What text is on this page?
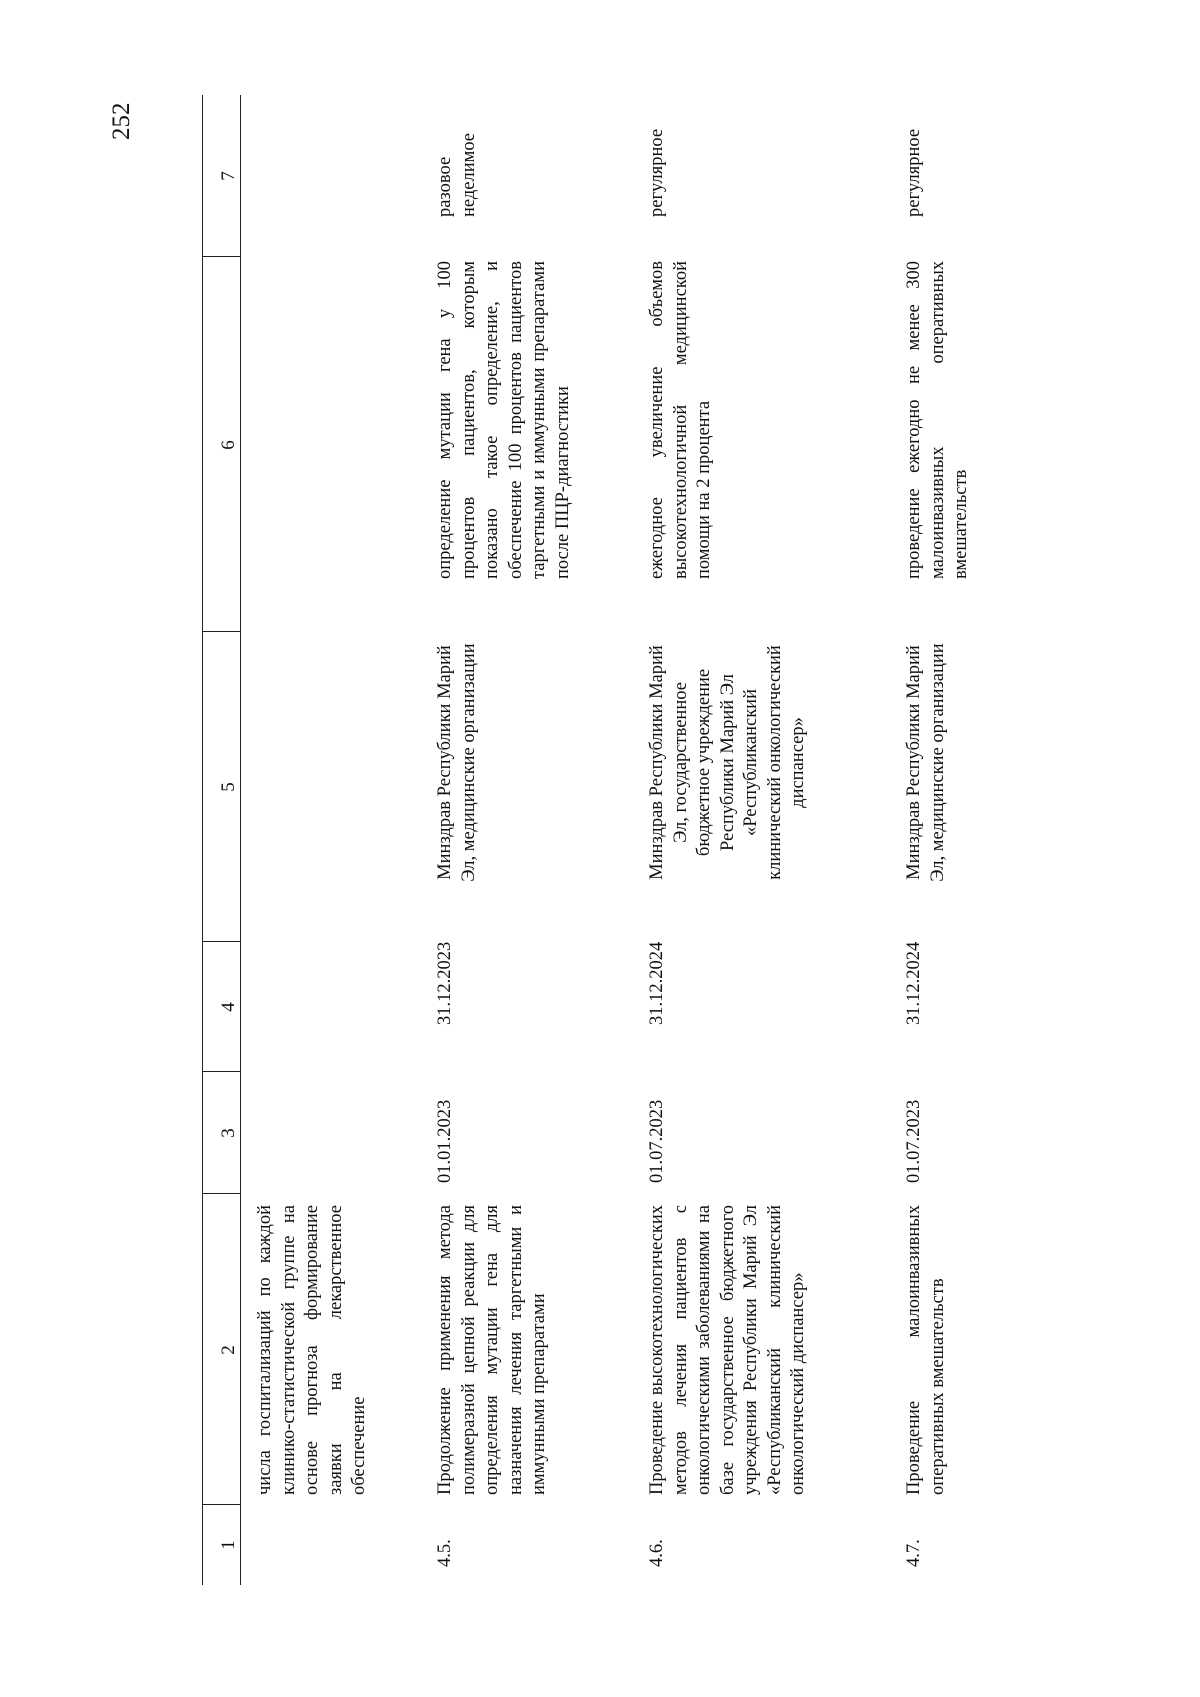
252
1
2
3
4
5
6
7
числа госпитализаций по каждой клинико-статистической группе на основе прогноза формирование заявки на лекарственное обеспечение
4.5.
Продолжение применения метода полимеразной цепной реакции для определения мутации гена для назначения лечения таргетными и иммунными препаратами
01.01.2023
31.12.2023
Минздрав Республики Марий Эл, медицинские организации
определение мутации гена у 100 процентов пациентов, которым показано такое определение, и обеспечение 100 процентов пациентов таргетными и иммунными препаратами после ПЦР-диагностики
разовое неделимое
4.6.
Проведение высокотехнологических методов лечения пациентов с онкологическими заболеваниями на базе государственное бюджетного учреждения Республики Марий Эл «Республиканский клинический онкологический диспансер»
01.07.2023
31.12.2024
Минздрав Республики Марий Эл, государственное бюджетное учреждение Республики Марий Эл «Республиканский клинический онкологический диспансер»
ежегодное увеличение объемов высокотехнологичной медицинской помощи на 2 процента
регулярное
4.7.
Проведение малоинвазивных оперативных вмешательств
01.07.2023
31.12.2024
Минздрав Республики Марий Эл, медицинские организации
проведение ежегодно не менее 300 малоинвазивных оперативных вмешательств
регулярное
